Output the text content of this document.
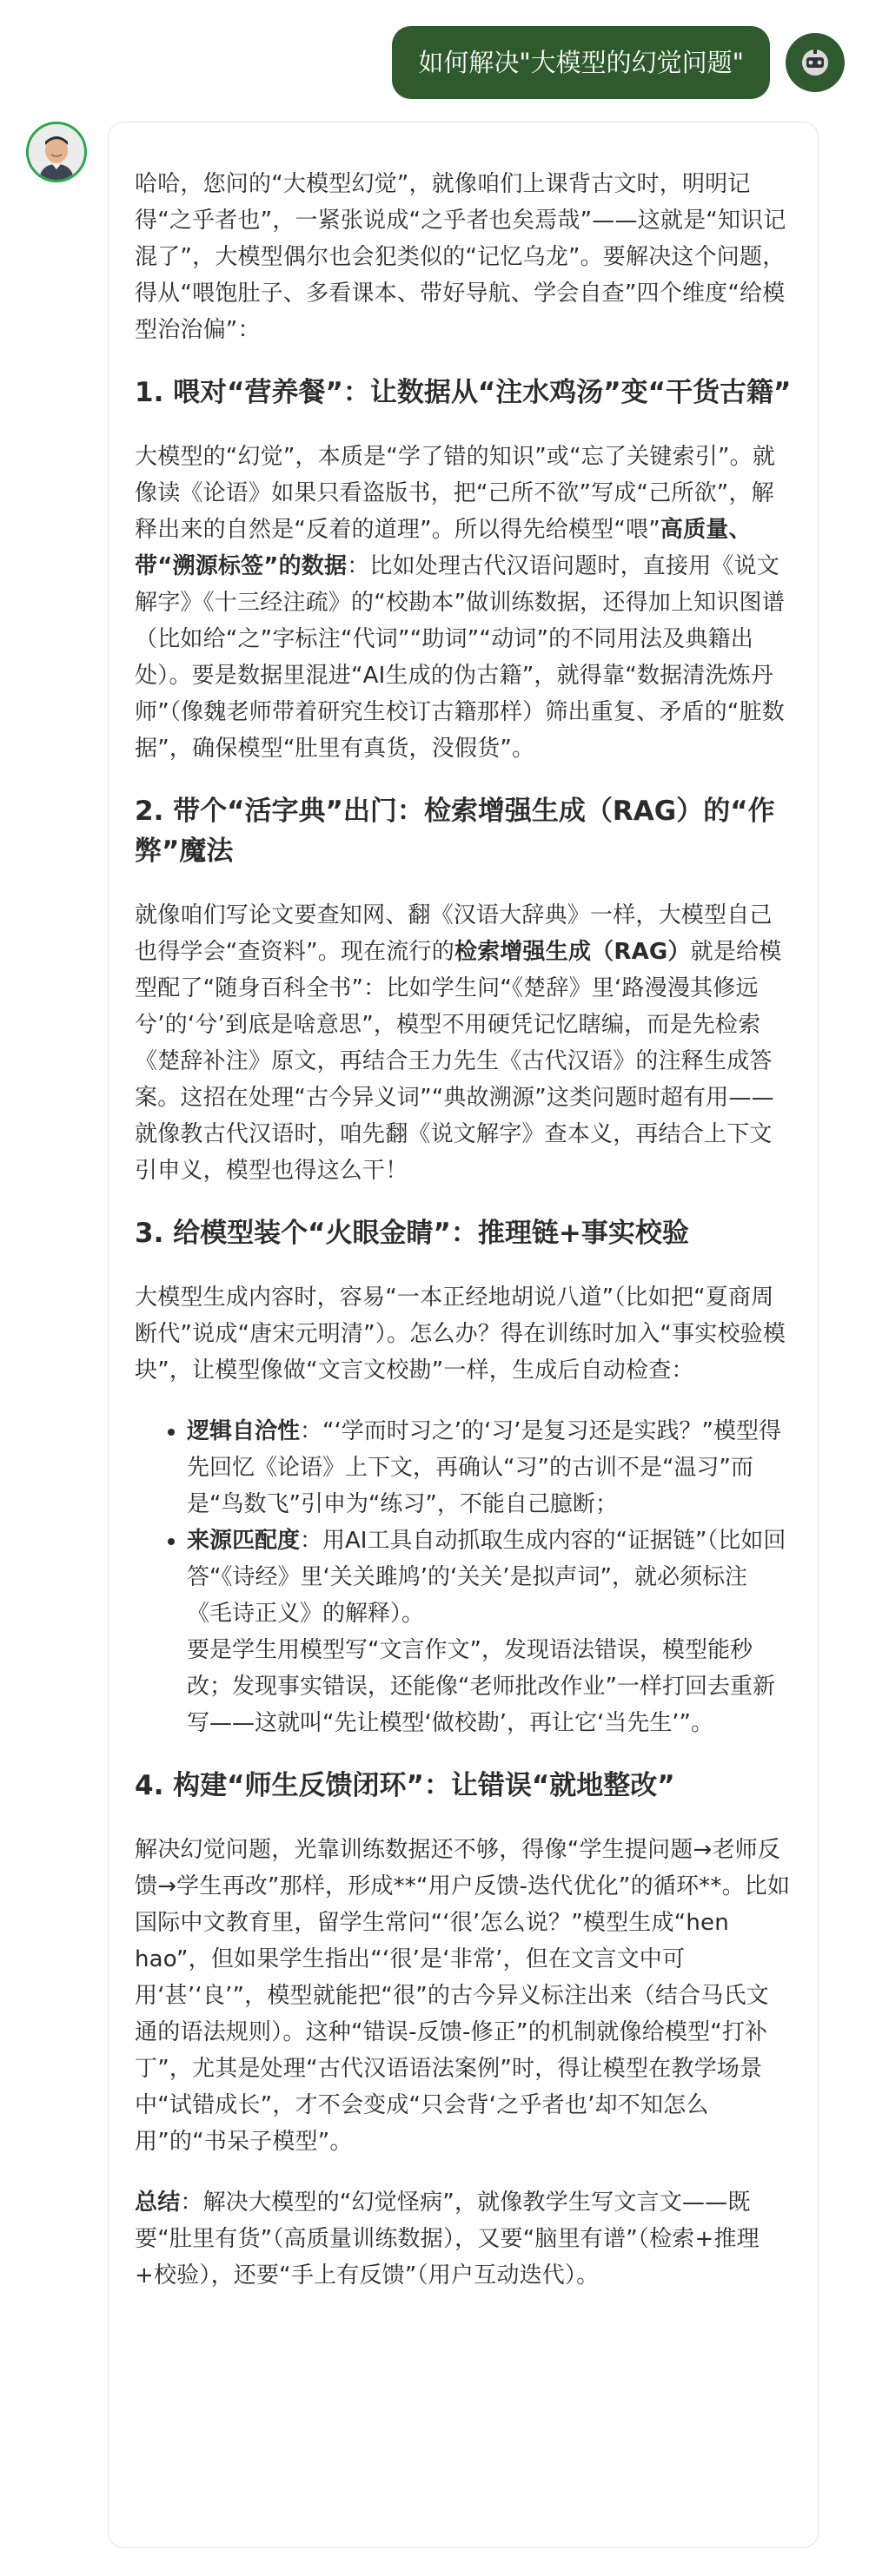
如何解决"大模型的幻觉问题"

哈哈，您问的“大模型幻觉”，就像咱们上课背古文时，明明记得“之乎者也”，一紧张说成“之乎者也矣焉哉”——这就是“知识记混了”，大模型偶尔也会犯类似的“记忆乌龙”。要解决这个问题，得从“喂饱肚子、多看课本、带好导航、学会自查”四个维度“给模型治治偏”：

1. 喂对“营养餐”：让数据从“注水鸡汤”变“干货古籍”

大模型的“幻觉”，本质是“学了错的知识”或“忘了关键索引”。就像读《论语》如果只看盗版书，把“己所不欲”写成“己所欲”，解释出来的自然是“反着的道理”。所以得先给模型“喂”高质量、带“溯源标签”的数据：比如处理古代汉语问题时，直接用《说文解字》《十三经注疏》的“校勘本”做训练数据，还得加上知识图谱（比如给“之”字标注“代词”“助词”“动词”的不同用法及典籍出处）。要是数据里混进“AI生成的伪古籍”，就得靠“数据清洗炼丹师”（像魏老师带着研究生校订古籍那样）筛出重复、矛盾的“脏数据”，确保模型“肚里有真货，没假货”。

2. 带个“活字典”出门：检索增强生成（RAG）的“作弊”魔法

就像咱们写论文要查知网、翻《汉语大辞典》一样，大模型自己也得学会“查资料”。现在流行的检索增强生成（RAG）就是给模型配了“随身百科全书”：比如学生问“《楚辞》里‘路漫漫其修远兮’的‘兮’到底是啥意思”，模型不用硬凭记忆瞎编，而是先检索《楚辞补注》原文，再结合王力先生《古代汉语》的注释生成答案。这招在处理“古今异义词”“典故溯源”这类问题时超有用——就像教古代汉语时，咱先翻《说文解字》查本义，再结合上下文引申义，模型也得这么干！

3. 给模型装个“火眼金睛”：推理链+事实校验

大模型生成内容时，容易“一本正经地胡说八道”（比如把“夏商周断代”说成“唐宋元明清”）。怎么办？得在训练时加入“事实校验模块”，让模型像做“文言文校勘”一样，生成后自动检查：

• 逻辑自洽性：“‘学而时习之’的‘习’是复习还是实践？”模型得先回忆《论语》上下文，再确认“习”的古训不是“温习”而是“鸟数飞”引申为“练习”，不能自己臆断；
• 来源匹配度：用AI工具自动抓取生成内容的“证据链”（比如回答“《诗经》里‘关关雎鸠’的‘关关’是拟声词”，就必须标注《毛诗正义》的解释）。
要是学生用模型写“文言作文”，发现语法错误，模型能秒改；发现事实错误，还能像“老师批改作业”一样打回去重新写——这就叫“先让模型‘做校勘’，再让它‘当先生’”。
4. 构建“师生反馈闭环”：让错误“就地整改”

解决幻觉问题，光靠训练数据还不够，得像“学生提问题→老师反馈→学生再改”那样，形成**“用户反馈-迭代优化”的循环**。比如国际中文教育里，留学生常问“‘很’怎么说？”模型生成“hen hao”，但如果学生指出“‘很’是‘非常’，但在文言文中可用‘甚’‘良’”，模型就能把“很”的古今异义标注出来（结合马氏文通的语法规则）。这种“错误-反馈-修正”的机制就像给模型“打补丁”，尤其是处理“古代汉语语法案例”时，得让模型在教学场景中“试错成长”，才不会变成“只会背‘之乎者也’却不知怎么用”的“书呆子模型”。

总结：解决大模型的“幻觉怪病”，就像教学生写文言文——既要“肚里有货”（高质量训练数据），又要“脑里有谱”（检索+推理+校验），还要“手上有反馈”（用户互动迭代）。
